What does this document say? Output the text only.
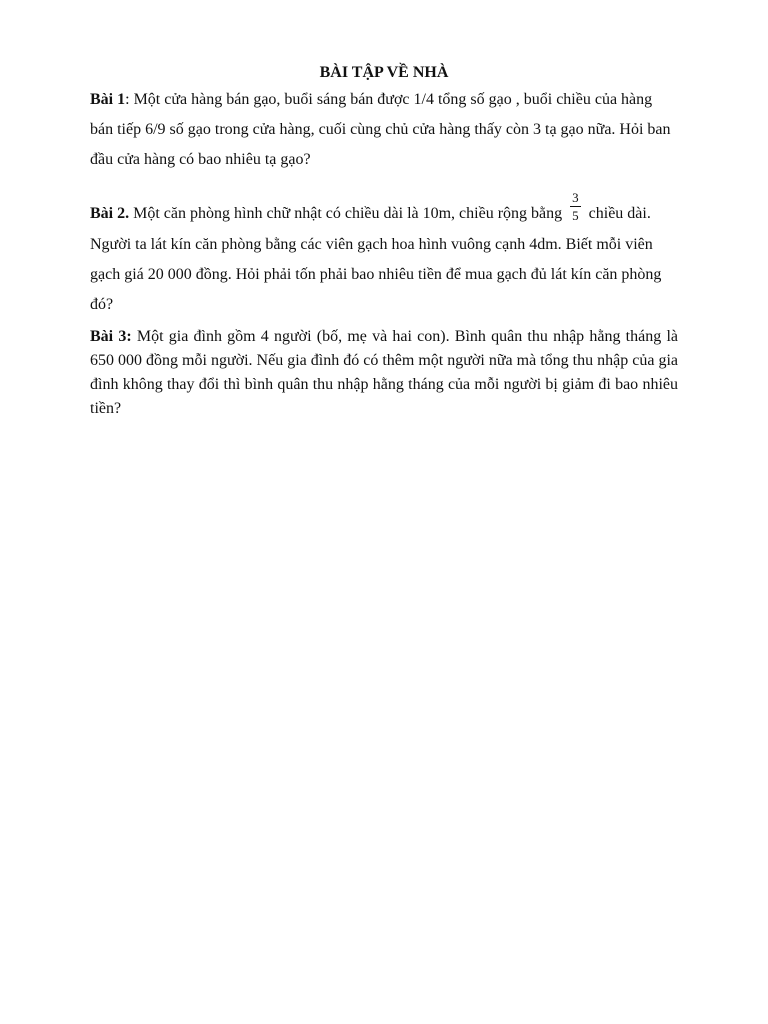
BÀI TẬP VỀ NHÀ

Bài 1: Một cửa hàng bán gạo, buổi sáng bán được 1/4 tổng số gạo , buổi chiều của hàng bán tiếp 6/9 số gạo trong cửa hàng, cuối cùng chủ cửa hàng thấy còn 3 tạ gạo nữa. Hỏi ban đầu cửa hàng có bao nhiêu tạ gạo?

Bài 2. Một căn phòng hình chữ nhật có chiều dài là 10m, chiều rộng bằng $\frac{3}{5}$ chiều dài. Người ta lát kín căn phòng bằng các viên gạch hoa hình vuông cạnh 4dm. Biết mỗi viên gạch giá 20 000 đồng. Hỏi phải tốn phải bao nhiêu tiền để mua gạch đủ lát kín căn phòng đó?

Bài 3: Một gia đình gồm 4 người (bố, mẹ và hai con). Bình quân thu nhập hằng tháng là 650 000 đồng mỗi người. Nếu gia đình đó có thêm một người nữa mà tổng thu nhập của gia đình không thay đổi thì bình quân thu nhập hằng tháng của mỗi người bị giảm đi bao nhiêu tiền?
